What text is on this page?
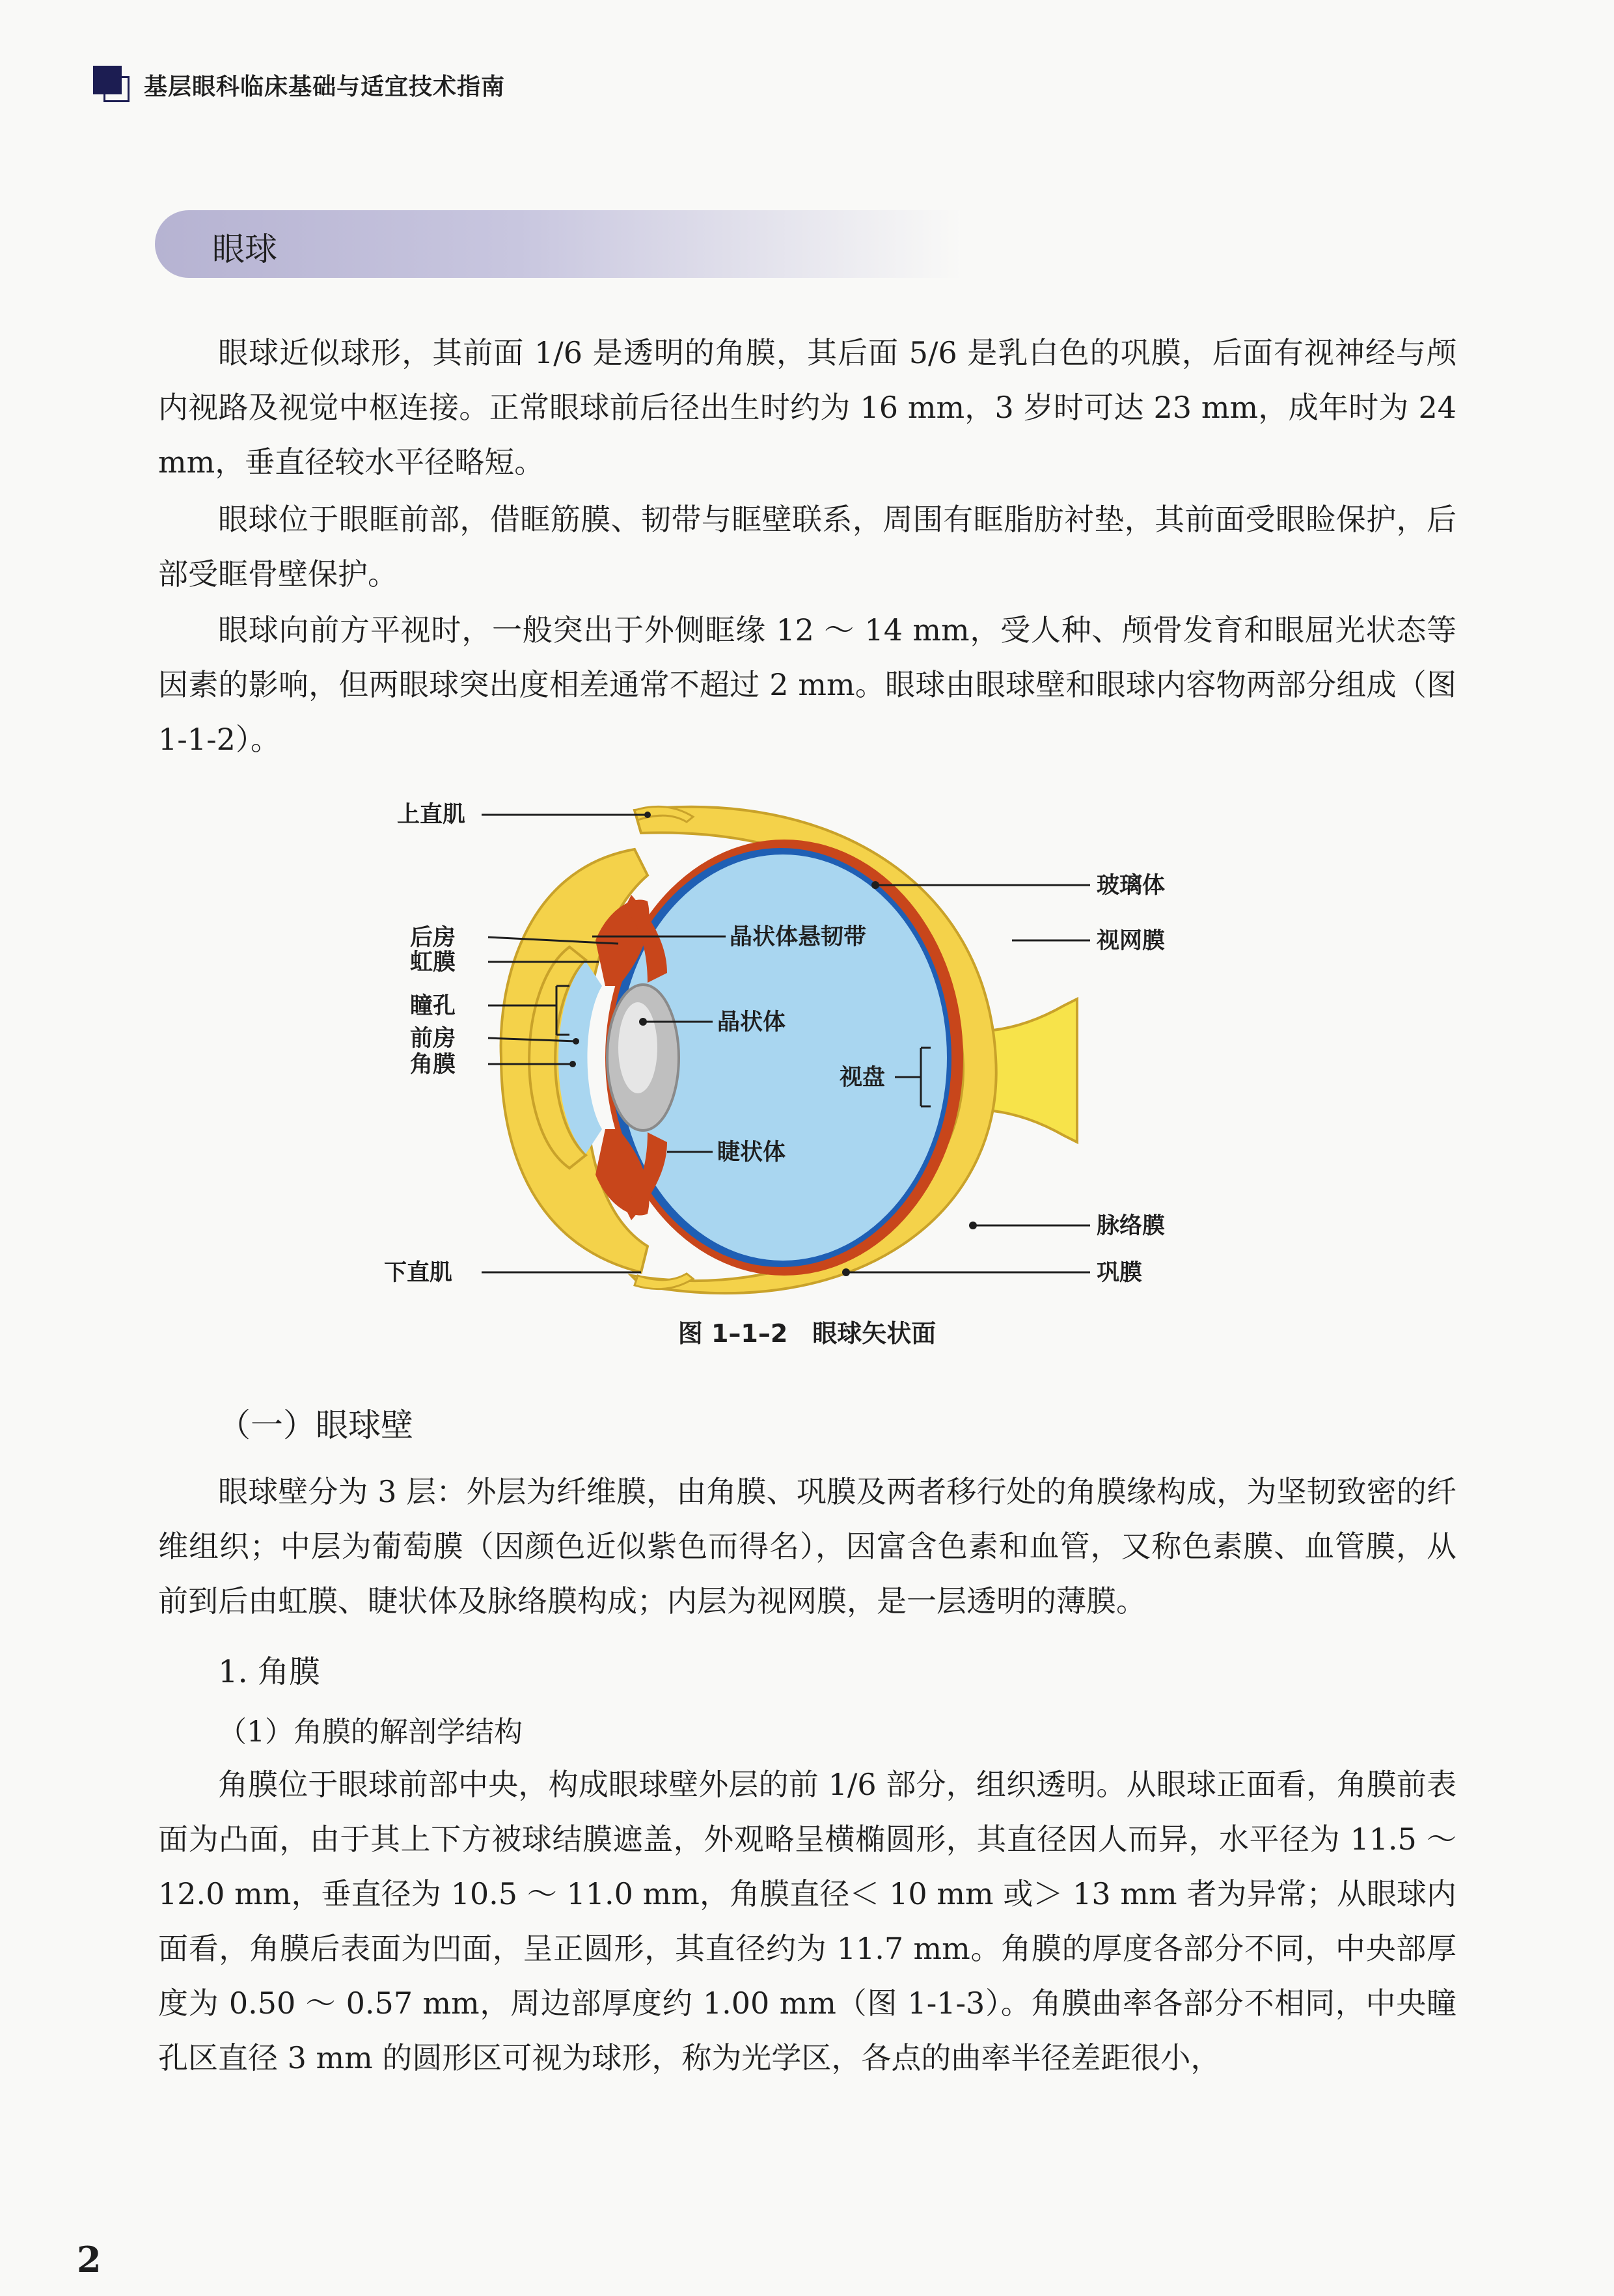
基层眼科临床基础与适宜技术指南
眼球

眼球近似球形，其前面 1/6 是透明的角膜，其后面 5/6 是乳白色的巩膜，后面有视神经与颅内视路及视觉中枢连接。正常眼球前后径出生时约为 16 mm，3 岁时可达 23 mm，成年时为 24 mm，垂直径较水平径略短。

眼球位于眼眶前部，借眶筋膜、韧带与眶壁联系，周围有眶脂肪衬垫，其前面受眼睑保护，后部受眶骨壁保护。

眼球向前方平视时，一般突出于外侧眶缘 12 ～ 14 mm，受人种、颅骨发育和眼屈光状态等因素的影响，但两眼球突出度相差通常不超过 2 mm。眼球由眼球壁和眼球内容物两部分组成（图 1-1-2）。

上直肌
后房
虹膜
瞳孔
前房
角膜
下直肌
晶状体悬韧带
晶状体
睫状体
视盘
玻璃体
视网膜
脉络膜
巩膜
图 1–1–2　眼球矢状面
（一）眼球壁

眼球壁分为 3 层：外层为纤维膜，由角膜、巩膜及两者移行处的角膜缘构成，为坚韧致密的纤维组织；中层为葡萄膜（因颜色近似紫色而得名），因富含色素和血管，又称色素膜、血管膜，从前到后由虹膜、睫状体及脉络膜构成；内层为视网膜，是一层透明的薄膜。

1. 角膜
（1）角膜的解剖学结构

角膜位于眼球前部中央，构成眼球壁外层的前 1/6 部分，组织透明。从眼球正面看，角膜前表面为凸面，由于其上下方被球结膜遮盖，外观略呈横椭圆形，其直径因人而异，水平径为 11.5 ～ 12.0 mm，垂直径为 10.5 ～ 11.0 mm，角膜直径＜ 10 mm 或＞ 13 mm 者为异常；从眼球内面看，角膜后表面为凹面，呈正圆形，其直径约为 11.7 mm。角膜的厚度各部分不同，中央部厚度为 0.50 ～ 0.57 mm，周边部厚度约 1.00 mm（图 1-1-3）。角膜曲率各部分不相同，中央瞳孔区直径 3 mm 的圆形区可视为球形，称为光学区，各点的曲率半径差距很小，

2
